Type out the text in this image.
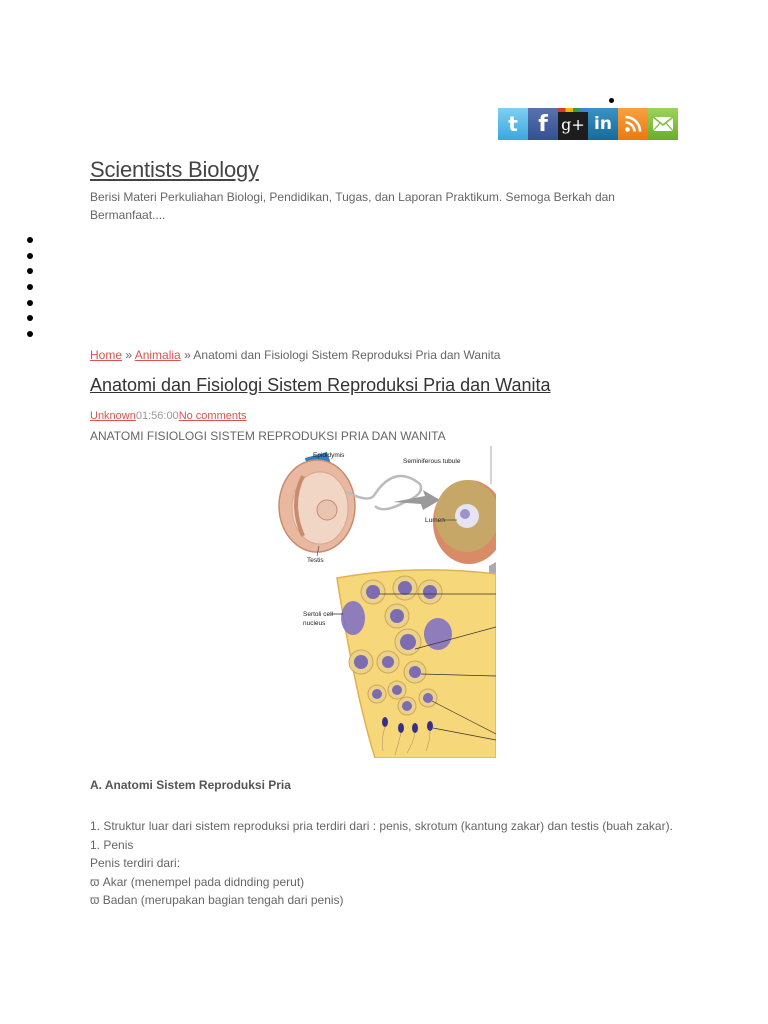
t f g+ in
Scientists Biology
Berisi Materi Perkuliahan Biologi, Pendidikan, Tugas, dan Laporan Praktikum. Semoga Berkah dan Bermanfaat....
Home » Animalia » Anatomi dan Fisiologi Sistem Reproduksi Pria dan Wanita
Anatomi dan Fisiologi Sistem Reproduksi Pria dan Wanita
Unknown01:56:00No comments
ANATOMI FISIOLOGI SISTEM REPRODUKSI PRIA DAN WANITA
Epididymis
Seminiferous tubule
Testis
Lumen
Sertoli cell
nucleus
A. Anatomi Sistem Reproduksi Pria

1. Struktur luar dari sistem reproduksi pria terdiri dari : penis, skrotum (kantung zakar) dan testis (buah zakar).

1. Penis

Penis terdiri dari:

ϖ Akar (menempel pada didnding perut)

ϖ Badan (merupakan bagian tengah dari penis)
